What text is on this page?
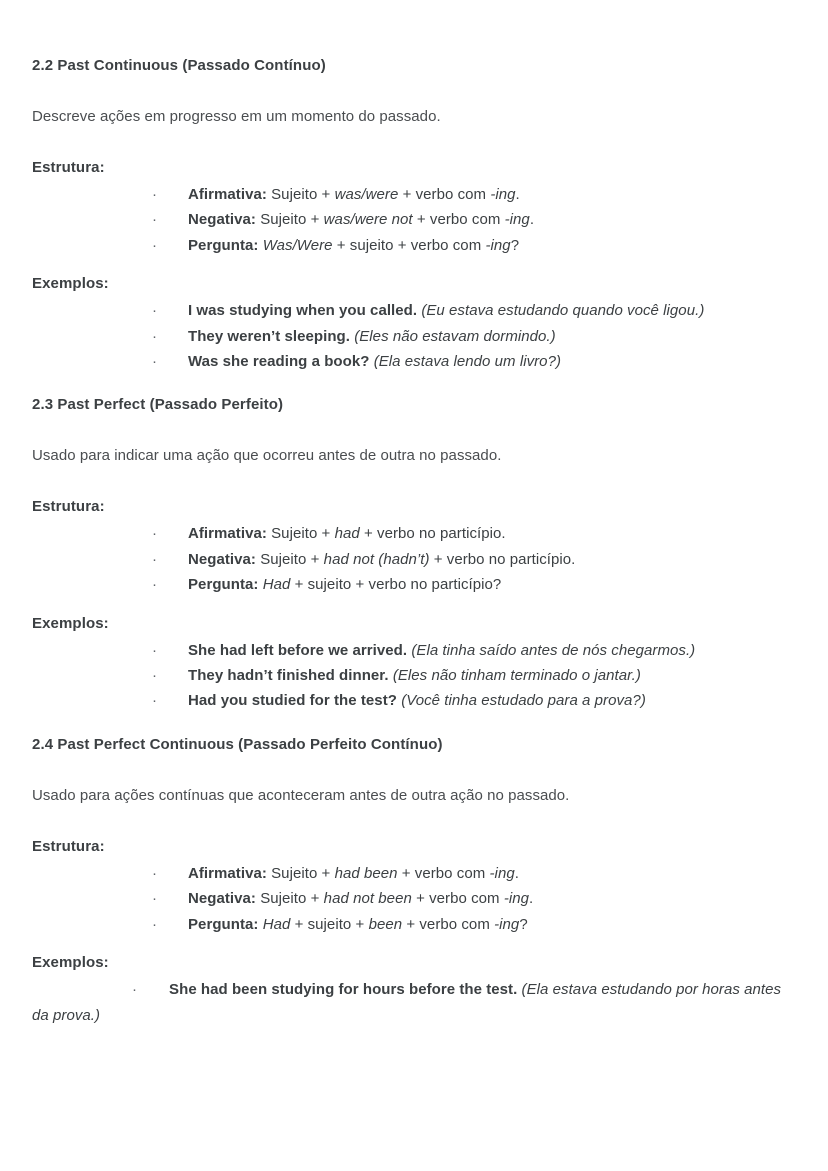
2.2 Past Continuous (Passado Contínuo)

Descreve ações em progresso em um momento do passado.

Estrutura:

· Afirmativa: Sujeito + was/were + verbo com -ing.
· Negativa: Sujeito + was/were not + verbo com -ing.
· Pergunta: Was/Were + sujeito + verbo com -ing?

Exemplos:

· I was studying when you called. (Eu estava estudando quando você ligou.)
· They weren’t sleeping. (Eles não estavam dormindo.)
· Was she reading a book? (Ela estava lendo um livro?)
2.3 Past Perfect (Passado Perfeito)

Usado para indicar uma ação que ocorreu antes de outra no passado.

Estrutura:

· Afirmativa: Sujeito + had + verbo no particípio.
· Negativa: Sujeito + had not (hadn’t) + verbo no particípio.
· Pergunta: Had + sujeito + verbo no particípio?

Exemplos:

· She had left before we arrived. (Ela tinha saído antes de nós chegarmos.)
· They hadn’t finished dinner. (Eles não tinham terminado o jantar.)
· Had you studied for the test? (Você tinha estudado para a prova?)
2.4 Past Perfect Continuous (Passado Perfeito Contínuo)

Usado para ações contínuas que aconteceram antes de outra ação no passado.

Estrutura:

· Afirmativa: Sujeito + had been + verbo com -ing.
· Negativa: Sujeito + had not been + verbo com -ing.
· Pergunta: Had + sujeito + been + verbo com -ing?

Exemplos:

· She had been studying for hours before the test. (Ela estava estudando por horas antes da prova.)
